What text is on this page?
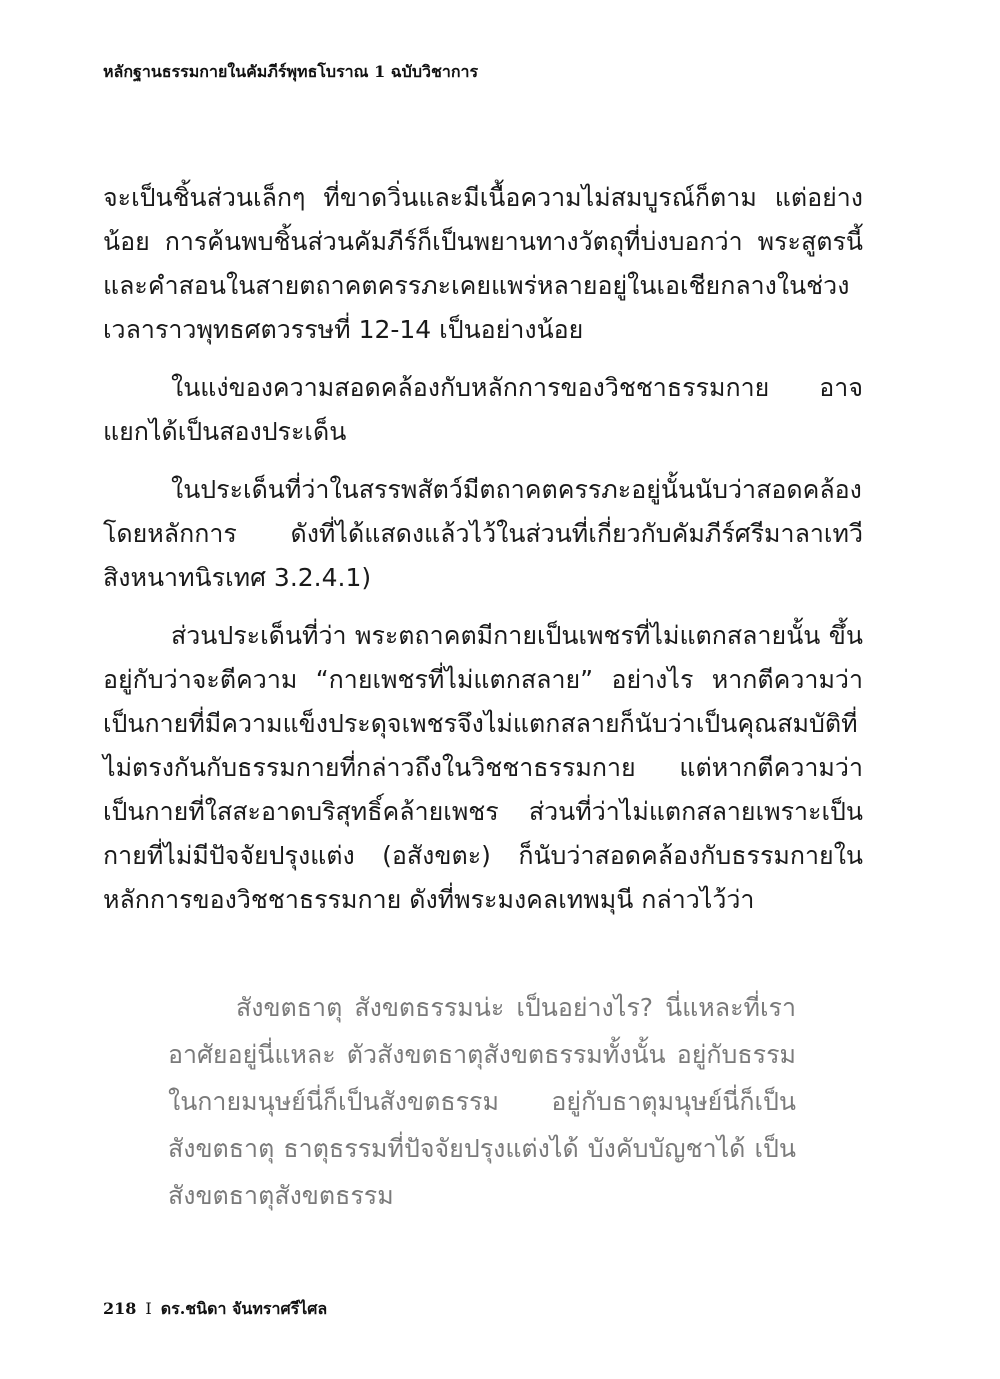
หลักฐานธรรมกายในคัมภีร์พุทธโบราณ 1 ฉบับวิชาการ

จะเป็นชิ้นส่วนเล็กๆ ที่ขาดวิ่นและมีเนื้อความไม่สมบูรณ์ก็ตาม แต่อย่างน้อย การค้นพบชิ้นส่วนคัมภีร์ก็เป็นพยานทางวัตถุที่บ่งบอกว่า พระสูตรนี้และคำสอนในสายตถาคตครรภะเคยแพร่หลายอยู่ในเอเชียกลางในช่วงเวลาราวพุทธศตวรรษที่ 12-14 เป็นอย่างน้อย

ในแง่ของความสอดคล้องกับหลักการของวิชชาธรรมกาย อาจแยกได้เป็นสองประเด็น

ในประเด็นที่ว่าในสรรพสัตว์มีตถาคตครรภะอยู่นั้นนับว่าสอดคล้องโดยหลักการ ดังที่ได้แสดงแล้วไว้ในส่วนที่เกี่ยวกับคัมภีร์ศรีมาลาเทวีสิงหนาทนิรเทศ 3.2.4.1)

ส่วนประเด็นที่ว่า พระตถาคตมีกายเป็นเพชรที่ไม่แตกสลายนั้น ขึ้นอยู่กับว่าจะตีความ “กายเพชรที่ไม่แตกสลาย” อย่างไร หากตีความว่า เป็นกายที่มีความแข็งประดุจเพชรจึงไม่แตกสลายก็นับว่าเป็นคุณสมบัติที่ไม่ตรงกันกับธรรมกายที่กล่าวถึงในวิชชาธรรมกาย แต่หากตีความว่า เป็นกายที่ใสสะอาดบริสุทธิ์คล้ายเพชร ส่วนที่ว่าไม่แตกสลายเพราะเป็นกายที่ไม่มีปัจจัยปรุงแต่ง (อสังขตะ) ก็นับว่าสอดคล้องกับธรรมกายในหลักการของวิชชาธรรมกาย ดังที่พระมงคลเทพมุนี กล่าวไว้ว่า

สังขตธาตุ สังขตธรรมน่ะ เป็นอย่างไร? นี่แหละที่เราอาศัยอยู่นี่แหละ ตัวสังขตธาตุสังขตธรรมทั้งนั้น อยู่กับธรรมในกายมนุษย์นี่ก็เป็นสังขตธรรม อยู่กับธาตุมนุษย์นี่ก็เป็นสังขตธาตุ ธาตุธรรมที่ปัจจัยปรุงแต่งได้ บังคับบัญชาได้ เป็นสังขตธาตุสังขตธรรม

218 I ดร.ชนิดา จันทราศรีไศล
